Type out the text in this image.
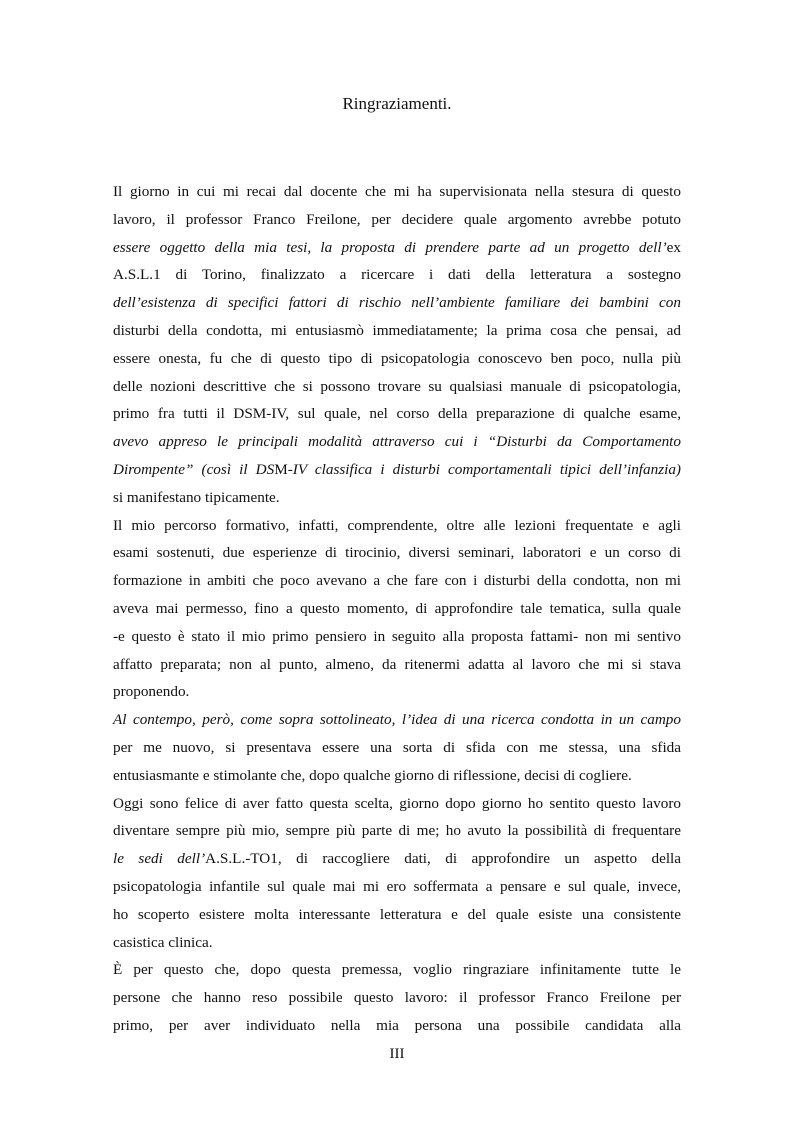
Ringraziamenti.
Il giorno in cui mi recai dal docente che mi ha supervisionata nella stesura di questo
lavoro, il professor Franco Freilone, per decidere quale argomento avrebbe potuto
essere oggetto della mia tesi, la proposta di prendere parte ad un progetto dell’ex
A.S.L.1 di Torino, finalizzato a ricercare i dati della letteratura a sostegno
dell’esistenza di specifici fattori di rischio nell’ambiente familiare dei bambini con
disturbi della condotta, mi entusiasmò immediatamente; la prima cosa che pensai, ad
essere onesta, fu che di questo tipo di psicopatologia conoscevo ben poco, nulla più
delle nozioni descrittive che si possono trovare su qualsiasi manuale di psicopatologia,
primo fra tutti il DSM-IV, sul quale, nel corso della preparazione di qualche esame,
avevo appreso le principali modalità attraverso cui i “Disturbi da Comportamento
Dirompente” (così il DSM-IV classifica i disturbi comportamentali tipici dell’infanzia)
si manifestano tipicamente.
Il mio percorso formativo, infatti, comprendente, oltre alle lezioni frequentate e agli
esami sostenuti, due esperienze di tirocinio, diversi seminari, laboratori e un corso di
formazione in ambiti che poco avevano a che fare con i disturbi della condotta, non mi
aveva mai permesso, fino a questo momento, di approfondire tale tematica, sulla quale
-e questo è stato il mio primo pensiero in seguito alla proposta fattami- non mi sentivo
affatto preparata; non al punto, almeno, da ritenermi adatta al lavoro che mi si stava
proponendo.
Al contempo, però, come sopra sottolineato, l’idea di una ricerca condotta in un campo
per me nuovo, si presentava essere una sorta di sfida con me stessa, una sfida
entusiasmante e stimolante che, dopo qualche giorno di riflessione, decisi di cogliere.
Oggi sono felice di aver fatto questa scelta, giorno dopo giorno ho sentito questo lavoro
diventare sempre più mio, sempre più parte di me; ho avuto la possibilità di frequentare
le sedi dell’A.S.L.-TO1, di raccogliere dati, di approfondire un aspetto della
psicopatologia infantile sul quale mai mi ero soffermata a pensare e sul quale, invece,
ho scoperto esistere molta interessante letteratura e del quale esiste una consistente
casistica clinica.
È per questo che, dopo questa premessa, voglio ringraziare infinitamente tutte le
persone che hanno reso possibile questo lavoro: il professor Franco Freilone per
primo, per aver individuato nella mia persona una possibile candidata alla
III
